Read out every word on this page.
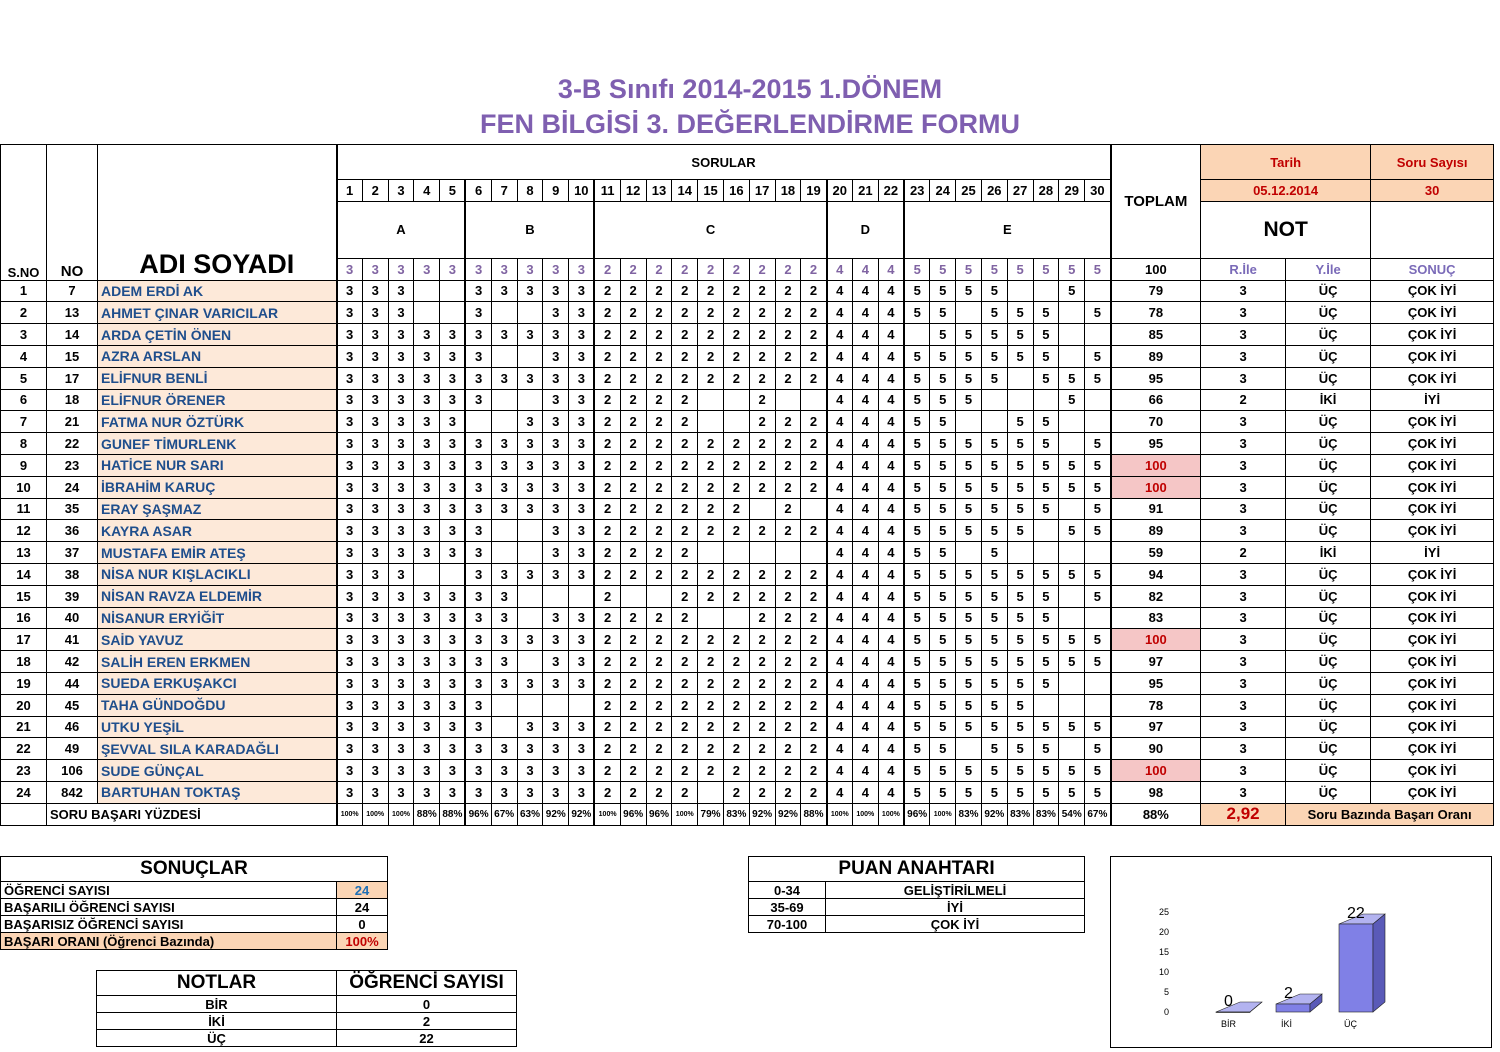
3-B Sınıfı 2014-2015 1.DÖNEM
FEN BİLGİSİ 3. DEĞERLENDİRME FORMU
S.NO	NO	ADI SOYADI	SORULAR																														TOPLAM	Tarih		Soru Sayısı
			1	2	3	4	5	6	7	8	9	10	11	12	13	14	15	16	17	18	19	20	21	22	23	24	25	26	27	28	29	30		05.12.2014		30
			A					B					C									D			E									NOT		
			3	3	3	3	3	3	3	3	3	3	2	2	2	2	2	2	2	2	2	4	4	4	5	5	5	5	5	5	5	5	100	R.İle	Y.İle	SONUÇ
1	7	ADEM ERDİ AK	3	3	3			3	3	3	3	3	2	2	2	2	2	2	2	2	2	4	4	4	5	5	5	5			5		79	3	ÜÇ	ÇOK İYİ
2	13	AHMET ÇINAR VARICILAR	3	3	3			3			3	3	2	2	2	2	2	2	2	2	2	4	4	4	5	5		5	5	5		5	78	3	ÜÇ	ÇOK İYİ
3	14	ARDA ÇETİN ÖNEN	3	3	3	3	3	3	3	3	3	3	2	2	2	2	2	2	2	2	2	4	4	4		5	5	5	5	5			85	3	ÜÇ	ÇOK İYİ
4	15	AZRA ARSLAN	3	3	3	3	3	3			3	3	2	2	2	2	2	2	2	2	2	4	4	4	5	5	5	5	5	5		5	89	3	ÜÇ	ÇOK İYİ
5	17	ELİFNUR BENLİ	3	3	3	3	3	3	3	3	3	3	2	2	2	2	2	2	2	2	2	4	4	4	5	5	5	5		5	5	5	95	3	ÜÇ	ÇOK İYİ
6	18	ELİFNUR ÖRENER	3	3	3	3	3	3			3	3	2	2	2	2			2			4	4	4	5	5	5				5		66	2	İKİ	İYİ
7	21	FATMA NUR ÖZTÜRK	3	3	3	3	3			3	3	3	2	2	2	2			2	2	2	4	4	4	5	5			5	5			70	3	ÜÇ	ÇOK İYİ
8	22	GUNEF TİMURLENK	3	3	3	3	3	3	3	3	3	3	2	2	2	2	2	2	2	2	2	4	4	4	5	5	5	5	5	5		5	95	3	ÜÇ	ÇOK İYİ
9	23	HATİCE NUR SARI	3	3	3	3	3	3	3	3	3	3	2	2	2	2	2	2	2	2	2	4	4	4	5	5	5	5	5	5	5	5	100	3	ÜÇ	ÇOK İYİ
10	24	İBRAHİM KARUÇ	3	3	3	3	3	3	3	3	3	3	2	2	2	2	2	2	2	2	2	4	4	4	5	5	5	5	5	5	5	5	100	3	ÜÇ	ÇOK İYİ
11	35	ERAY ŞAŞMAZ	3	3	3	3	3	3	3	3	3	3	2	2	2	2	2	2		2		4	4	4	5	5	5	5	5	5		5	91	3	ÜÇ	ÇOK İYİ
12	36	KAYRA ASAR	3	3	3	3	3	3			3	3	2	2	2	2	2	2	2	2	2	4	4	4	5	5	5	5	5		5	5	89	3	ÜÇ	ÇOK İYİ
13	37	MUSTAFA EMİR ATEŞ	3	3	3	3	3	3			3	3	2	2	2	2						4	4	4	5	5		5					59	2	İKİ	İYİ
14	38	NİSA NUR KIŞLACIKLI	3	3	3			3	3	3	3	3	2	2	2	2	2	2	2	2	2	4	4	4	5	5	5	5	5	5	5	5	94	3	ÜÇ	ÇOK İYİ
15	39	NİSAN RAVZA ELDEMİR	3	3	3	3	3	3	3				2			2	2	2	2	2	2	4	4	4	5	5	5	5	5	5		5	82	3	ÜÇ	ÇOK İYİ
16	40	NİSANUR ERYİĞİT	3	3	3	3	3	3	3		3	3	2	2	2	2			2	2	2	4	4	4	5	5	5	5	5	5			83	3	ÜÇ	ÇOK İYİ
17	41	SAİD YAVUZ	3	3	3	3	3	3	3	3	3	3	2	2	2	2	2	2	2	2	2	4	4	4	5	5	5	5	5	5	5	5	100	3	ÜÇ	ÇOK İYİ
18	42	SALİH EREN ERKMEN	3	3	3	3	3	3	3		3	3	2	2	2	2	2	2	2	2	2	4	4	4	5	5	5	5	5	5	5	5	97	3	ÜÇ	ÇOK İYİ
19	44	SUEDA ERKUŞAKCI	3	3	3	3	3	3	3	3	3	3	2	2	2	2	2	2	2	2	2	4	4	4	5	5	5	5	5	5			95	3	ÜÇ	ÇOK İYİ
20	45	TAHA GÜNDOĞDU	3	3	3	3	3	3					2	2	2	2	2	2	2	2	2	4	4	4	5	5	5	5	5				78	3	ÜÇ	ÇOK İYİ
21	46	UTKU YEŞİL	3	3	3	3	3	3		3	3	3	2	2	2	2	2	2	2	2	2	4	4	4	5	5	5	5	5	5	5	5	97	3	ÜÇ	ÇOK İYİ
22	49	ŞEVVAL SILA KARADAĞLI	3	3	3	3	3	3	3	3	3	3	2	2	2	2	2	2	2	2	2	4	4	4	5	5		5	5	5		5	90	3	ÜÇ	ÇOK İYİ
23	106	SUDE GÜNÇAL	3	3	3	3	3	3	3	3	3	3	2	2	2	2	2	2	2	2	2	4	4	4	5	5	5	5	5	5	5	5	100	3	ÜÇ	ÇOK İYİ
24	842	BARTUHAN TOKTAŞ	3	3	3	3	3	3	3	3	3	3	2	2	2	2		2	2	2	2	4	4	4	5	5	5	5	5	5	5	5	98	3	ÜÇ	ÇOK İYİ
	SORU BAŞARI YÜZDESİ		100%	100%	100%	88%	88%	96%	67%	63%	92%	92%	100%	96%	96%	100%	79%	83%	92%	92%	88%	100%	100%	100%	96%	100%	83%	92%	83%	83%	54%	67%	88%	2,92	Soru Bazında Başarı Oranı	
SONUÇLAR	
ÖĞRENCİ SAYISI	24
BAŞARILI ÖĞRENCİ SAYISI	24
BAŞARISIZ ÖĞRENCİ SAYISI	0
BAŞARI ORANI (Öğrenci Bazında)	100%
PUAN ANAHTARI	
0-34	GELİŞTİRİLMELİ
35-69	İYİ
70-100	ÇOK İYİ
NOTLAR	ÖĞRENCİ SAYISI
BİR	0
İKİ	2
ÜÇ	22
0
5
10
15
20
25
0
BİR
2
İKİ
22
ÜÇ
